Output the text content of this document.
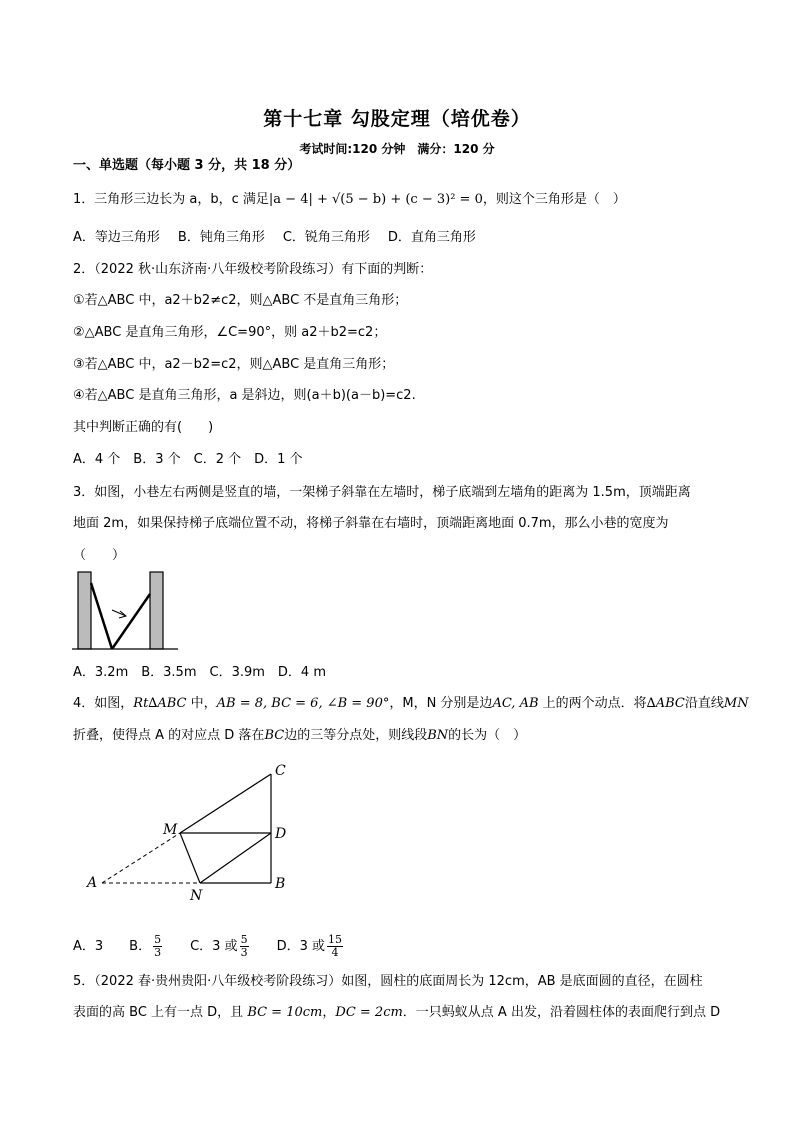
第十七章 勾股定理（培优卷）
考试时间:120 分钟　满分：120 分
一、单选题（每小题 3 分，共 18 分）
1．三角形三边长为 a，b，c 满足|a − 4| + √(5 − b) + (c − 3)² = 0，则这个三角形是（　）
A．等边三角形 B．钝角三角形 C．锐角三角形 D．直角三角形
2．（2022 秋·山东济南·八年级校考阶段练习）有下面的判断：
①若△ABC 中，a2＋b2≠c2，则△ABC 不是直角三角形；
②△ABC 是直角三角形，∠C=90°，则 a2＋b2=c2；
③若△ABC 中，a2－b2=c2，则△ABC 是直角三角形；
④若△ABC 是直角三角形，a 是斜边，则(a＋b)(a－b)=c2.
其中判断正确的有(　　)
A．4 个　B．3 个　C．2 个　D．1 个
3．如图，小巷左右两侧是竖直的墙，一架梯子斜靠在左墙时，梯子底端到左墙角的距离为 1.5m，顶端距离
地面 2m，如果保持梯子底端位置不动，将梯子斜靠在右墙时，顶端距离地面 0.7m，那么小巷的宽度为
（　　）
A．3.2m　B．3.5m　C．3.9m　D．4 m
4．如图，Rt∆ABC 中，AB = 8, BC = 6, ∠B = 90°，M，N 分别是边AC, AB 上的两个动点．将∆ABC沿直线MN
折叠，使得点 A 的对应点 D 落在BC边的三等分点处，则线段BN的长为（　）
C
M	D
A	B
N
A．3 B． $\frac{5}{3}$ C．3 或 $\frac{5}{3}$ D．3 或 $\frac{15}{4}$
5．（2022 春·贵州贵阳·八年级校考阶段练习）如图，圆柱的底面周长为 12cm，AB 是底面圆的直径，在圆柱
表面的高 BC 上有一点 D，且 BC = 10cm，DC = 2cm．一只蚂蚁从点 A 出发，沿着圆柱体的表面爬行到点 D
